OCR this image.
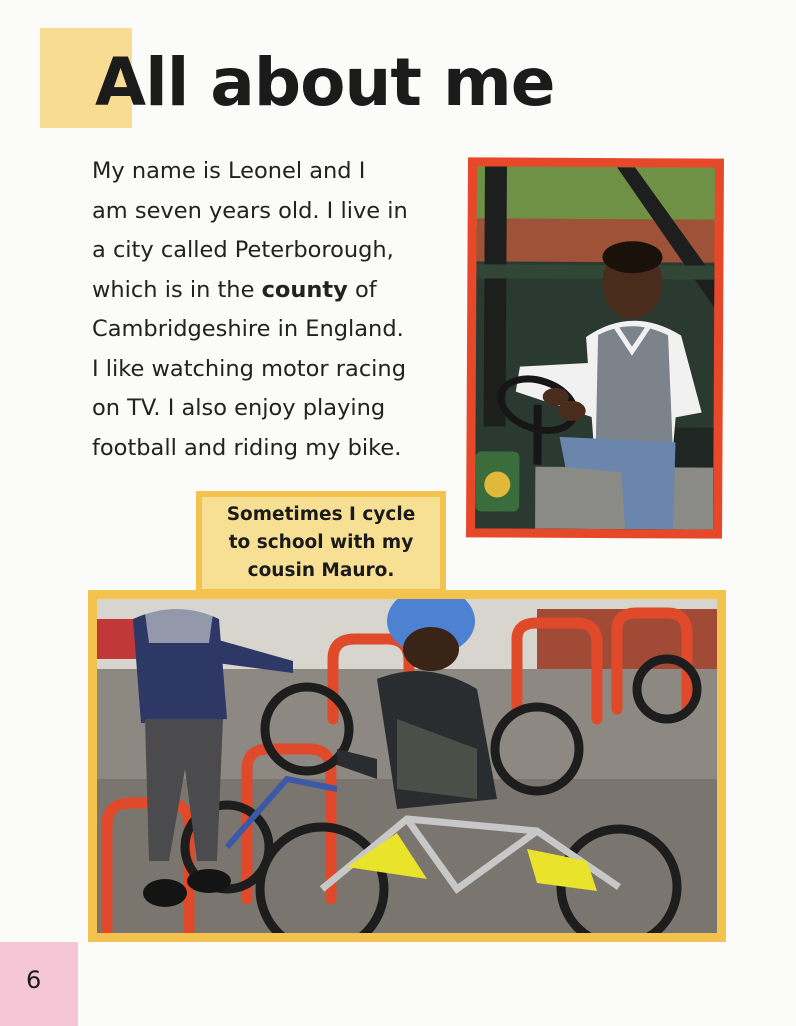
All about me
My name is Leonel and I
am seven years old. I live in
a city called Peterborough,
which is in the county of
Cambridgeshire in England.
I like watching motor racing
on TV. I also enjoy playing
football and riding my bike.
Sometimes I cycle
to school with my
cousin Mauro.
6
